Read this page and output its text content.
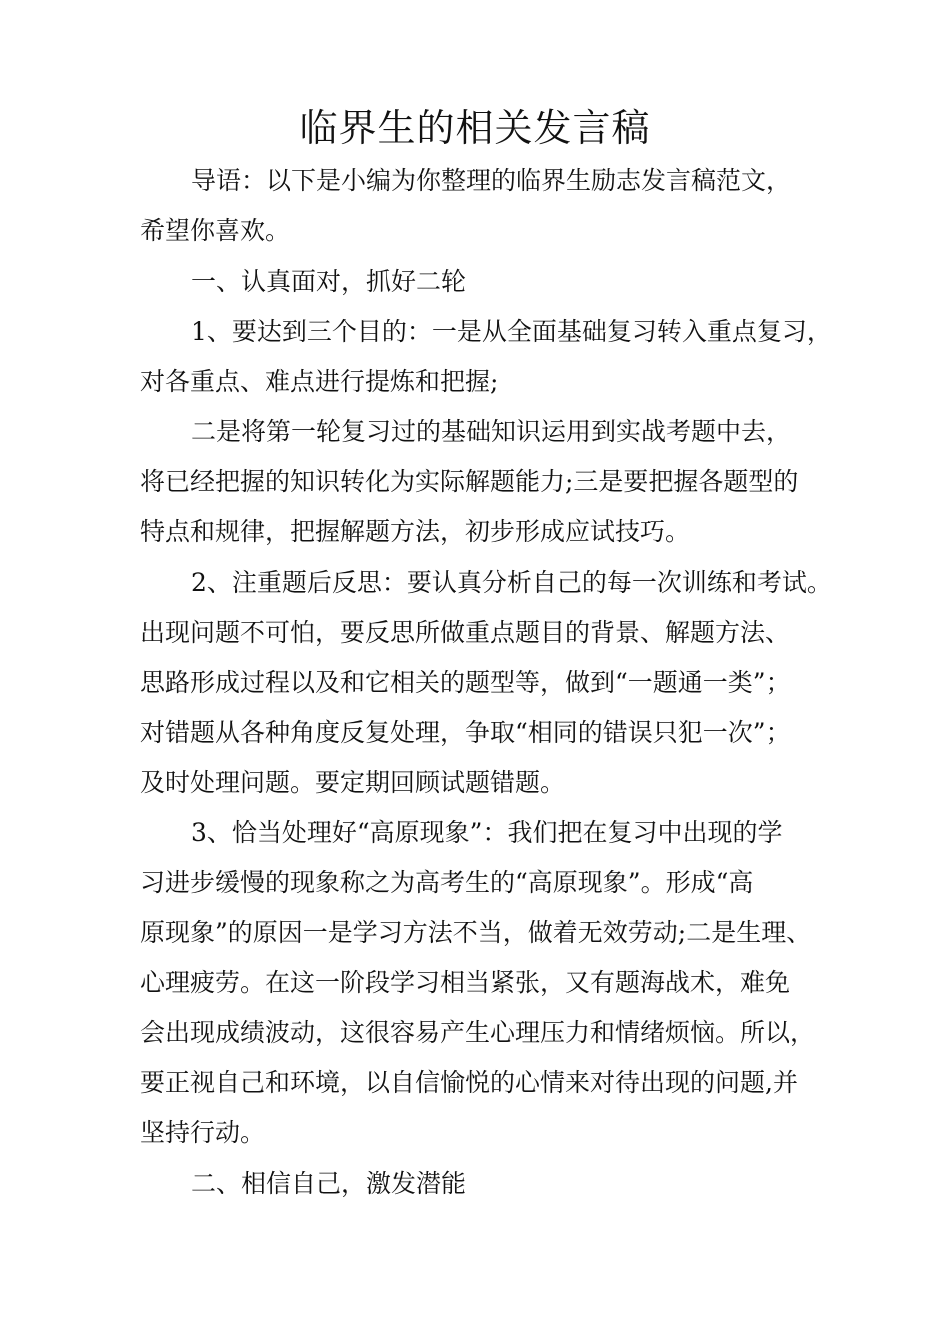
临界生的相关发言稿

导语：以下是小编为你整理的临界生励志发言稿范文，

希望你喜欢。

一、认真面对，抓好二轮

1、要达到三个目的：一是从全面基础复习转入重点复习，

对各重点、难点进行提炼和把握;

二是将第一轮复习过的基础知识运用到实战考题中去，

将已经把握的知识转化为实际解题能力;三是要把握各题型的

特点和规律，把握解题方法，初步形成应试技巧。

2、注重题后反思：要认真分析自己的每一次训练和考试。

出现问题不可怕，要反思所做重点题目的背景、解题方法、

思路形成过程以及和它相关的题型等，做到“一题通一类”；

对错题从各种角度反复处理，争取“相同的错误只犯一次”；

及时处理问题。要定期回顾试题错题。

3、恰当处理好“高原现象”：我们把在复习中出现的学

习进步缓慢的现象称之为高考生的“高原现象”。形成“高

原现象”的原因一是学习方法不当，做着无效劳动;二是生理、

心理疲劳。在这一阶段学习相当紧张，又有题海战术，难免

会出现成绩波动，这很容易产生心理压力和情绪烦恼。所以，

要正视自己和环境，以自信愉悦的心情来对待出现的问题,并

坚持行动。

二、相信自己，激发潜能
